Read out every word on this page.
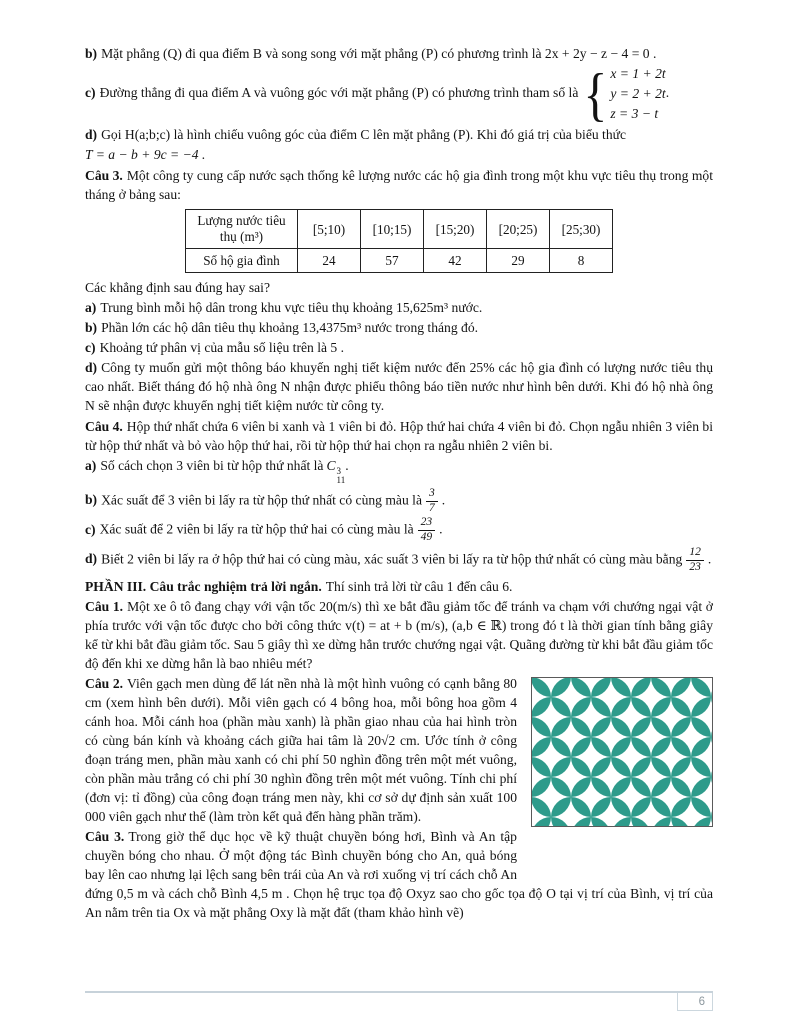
b) Mặt phẳng (Q) đi qua điểm B và song song với mặt phẳng (P) có phương trình là 2x + 2y − z − 4 = 0 .

c) Đường thẳng đi qua điểm A và vuông góc với mặt phẳng (P) có phương trình tham số là { x = 1 + 2t
y = 2 + 2t
z = 3 − t
.

d) Gọi H(a;b;c) là hình chiếu vuông góc của điểm C lên mặt phẳng (P). Khi đó giá trị của biểu thức

T = a − b + 9c = −4 .

Câu 3. Một công ty cung cấp nước sạch thống kê lượng nước các hộ gia đình trong một khu vực tiêu thụ trong một tháng ở bảng sau:

Lượng nước tiêu thụ (m³)	[5;10)	[10;15)	[15;20)	[20;25)	[25;30)
Số hộ gia đình	24	57	42	29	8

Các khẳng định sau đúng hay sai?

a) Trung bình mỗi hộ dân trong khu vực tiêu thụ khoảng 15,625m³ nước.

b) Phần lớn các hộ dân tiêu thụ khoảng 13,4375m³ nước trong tháng đó.

c) Khoảng tứ phân vị của mẫu số liệu trên là 5 .

d) Công ty muốn gửi một thông báo khuyến nghị tiết kiệm nước đến 25% các hộ gia đình có lượng nước tiêu thụ cao nhất. Biết tháng đó hộ nhà ông N nhận được phiếu thông báo tiền nước như hình bên dưới. Khi đó hộ nhà ông N sẽ nhận được khuyến nghị tiết kiệm nước từ công ty.

Câu 4. Hộp thứ nhất chứa 6 viên bi xanh và 1 viên bi đỏ. Hộp thứ hai chứa 4 viên bi đỏ. Chọn ngẫu nhiên 3 viên bi từ hộp thứ nhất và bỏ vào hộp thứ hai, rồi từ hộp thứ hai chọn ra ngẫu nhiên 2 viên bi.

a) Số cách chọn 3 viên bi từ hộp thứ nhất là C 3
11
.

b) Xác suất để 3 viên bi lấy ra từ hộp thứ nhất có cùng màu là $\frac{3}{7}$ .

c) Xác suất để 2 viên bi lấy ra từ hộp thứ hai có cùng màu là $\frac{23}{49}$ .

d) Biết 2 viên bi lấy ra ở hộp thứ hai có cùng màu, xác suất 3 viên bi lấy ra từ hộp thứ nhất có cùng màu bằng $\frac{12}{23}$ .

PHẦN III. Câu trắc nghiệm trả lời ngắn. Thí sinh trả lời từ câu 1 đến câu 6.

Câu 1. Một xe ô tô đang chạy với vận tốc 20(m/s) thì xe bắt đầu giảm tốc để tránh va chạm với chướng ngại vật ở phía trước với vận tốc được cho bởi công thức v(t) = at + b (m/s), (a,b ∈ ℝ) trong đó t là thời gian tính bằng giây kể từ khi bắt đầu giảm tốc. Sau 5 giây thì xe dừng hẳn trước chướng ngại vật. Quãng đường từ khi bắt đầu giảm tốc độ đến khi xe dừng hẳn là bao nhiêu mét?

Câu 2. Viên gạch men dùng để lát nền nhà là một hình vuông có cạnh bằng 80 cm (xem hình bên dưới). Mỗi viên gạch có 4 bông hoa, mỗi bông hoa gồm 4 cánh hoa. Mỗi cánh hoa (phần màu xanh) là phần giao nhau của hai hình tròn có cùng bán kính và khoảng cách giữa hai tâm là 20√2 cm. Ước tính ở công đoạn tráng men, phần màu xanh có chi phí 50 nghìn đồng trên một mét vuông, còn phần màu trắng có chi phí 30 nghìn đồng trên một mét vuông. Tính chi phí (đơn vị: tỉ đồng) của công đoạn tráng men này, khi cơ sở dự định sản xuất 100 000 viên gạch như thế (làm tròn kết quả đến hàng phần trăm).

Câu 3. Trong giờ thể dục học về kỹ thuật chuyền bóng hơi, Bình và An tập chuyền bóng cho nhau. Ở một động tác Bình chuyền bóng cho An, quả bóng bay lên cao nhưng lại lệch sang bên trái của An và rơi xuống vị trí cách chỗ An đứng 0,5 m và cách chỗ Bình 4,5 m . Chọn hệ trục tọa độ Oxyz sao cho gốc tọa độ O tại vị trí của Bình, vị trí của An nằm trên tia Ox và mặt phẳng Oxy là mặt đất (tham khảo hình vẽ)

6
